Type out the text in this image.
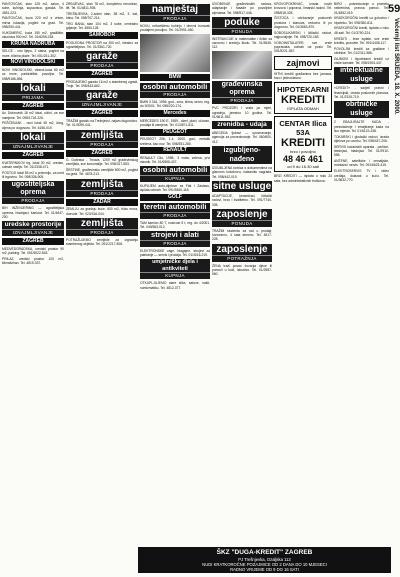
PANTOVČAK, stan 125 m2, salon, 4 sobe, kuhinja, kupaonica, garaža. Tel. 4551-223.

PANTOVČAK, kuća 220 m2 s vrtom, mirna lokacija, pogled na grad. Tel. 098/250-441.

VUKOMERIC, kuća 150 m2, gradilište, okućnica 900 m2. Tel. 01/6255-018.

KRUNA NADRUBA

SELCE - vrlo lijepo, 2 stana, pogled na more, blizina plaže. Tel. 051/241-302.

NOVI VINODOLSKI

NOVI VINODOLSKI, vikend-kuća 80 m2 uz more, parkiralište, povoljno. Tel. 098/9186-556.

lokali
PRIJAMA
ZAGREB

Av. Dubrovnik 18 m2 lokal, ulični, za sve namjene. Tel. 098/1716-226.

PEŠČENJAK - novi lokal 45 m2, izlog, cijena po dogovoru. Tel. 6156-019.

lokali
IZNAJMLJIVANJE
ZAGREB

KVATERNIKOV trg, lokal 30 m2, uredan, odmah useljiv. Tel. 01/2338-471.

POSTOJI lokal 55 m2 u prizemlju, za ured ili trgovinu. Tel. 098/336-905.

ugostiteljska oprema
PRODAJA

BIH INŽENJERING — ugostiteljska oprema, hladnjaci, šankovi. Tel. 01/4847-200.

uredske prostorije
IZNAJMLJIVANJE
ZAGREB

MEDVEDGRADSKA, uredski prostor 90 m2, parking. Tel. 091/5022-843.

PRILAZ, uredski prostor 120 m2, klimatiziran. Tel. 4819-337.

ZRINJEVAC, stan 78 m2, kompletno renoviran, lift. Tel. 01/4811-905.

TREŠNJEVKA, 2-sobni stan, 58 m2, 3. kat, hitno. Tel. 098/707-214.

TRG BANA, stan 104 m2, 3 sobe, centralno grijanje. Tel. 4550-128.

SAMOBOR

POGLEDNA PROSTOR na 200 m2, idealno za ugostiteljstvo. Tel. 01/3361-720.

garaže
PRODAJA
ZAGREB

PRODAJEMO garažu 16 m2 u stambenoj zgradi, Trnje. Tel. 098/443-662.

garaže
IZNAJMLJIVANJE
ZAGREB

TRAŽIM garažu na Trešnjevci, najam dugoročno. Tel. 01/3099-441.

zemljišta
PRODAJA
ZAGREB

G. Dubrava - Trnava, 1200 m2 građevinskog zemljišta, sve komunalije. Tel. 098/317-553.

ŠESTINE, građevinsko zemljište 800 m2, pogled na grad. Tel. 4678-213.

zemljišta
PRODAJA
ZADAR

ZEMLJU za gradnju kuće, 600 m2, blizu mora, dozvole. Tel. 023/316-044.

zemljišta
PRODAJA

POTRAŽUJEMO zemljište za izgradnju stambenog objekta. Tel. 091/2217-508.

namještaj
PRODAJA

NOVU, nekorištenu kuhinju i dnevni boravak prodajem povoljno. Tel. 01/2991-460.

BMW
osobni automobili
PRODAJA

BMW 3 316, 1996. god., crna, klima, servo, reg. do 9/2001. Tel. 098/220-174.

Mercedes

MERCEDES 190 E, 1989., dizel, plavi, očuvan, prodaja ili zamjena. Tel. 01/3871-611.

PEUGEOT

PEUGEOT 206, 1.4, 2000. god., metalik srebrna, kao nov. Tel. 098/351-280.

RENAULT

RENAULT Clio, 1998., 3 vrata, zelena, prvi vlasnik. Tel. 01/6558-407.

osobni automobili
KUPNJA

KUPUJEM auto-dijelove za Fiat i Zastavu, isplata odmah. Tel. 091/5540-118.

GOLF
teretni automobili
PRODAJA

TAM kamion 80 T, nosivost 5 t, reg. do 4/2001. Tel. 049/563-012.

strojevi i alati
PRODAJA

ELEKTRONSKE vage, blagajne, strojevi za pakiranje — servis i prodaja. Tel. 01/3016-219.

umjetničke djela i antikviteti
KUPNJA

OTKUPLJUJEMO stare slike, satove, nakit, numizmatiku. Tel. 4812-377.

IZVOĐENJE građevinskih radova, adaptacije i fasade po povoljnim cijenama. Tel. 098/917-446.

poduke
PONUDA

INSTRUKCIJE iz matematike i fizike za osnovnu i srednju školu. Tel. 01/3845-112.

građevinska oprema
PRODAJA

PVC PROZORI i vrata po mjeri, ugradnja, jamstvo 10 godina. Tel. 01/6611-952.

zrenidba - udaja

ABECEDA ljubavi — upoznavanje, agencija za posredovanje. Tel. 060/600-412.

izgubljeno-nađeno

IZGUBLJENA torbica s dokumentima na glavnom kolodvoru, nalazniku nagrada. Tel. 098/442-019.

sitne usluge

ADAPTACIJE, keramičari, ličilački radovi, brzo i kvalitetno. Tel. 091/7740-335.

zaposlenje
PONUDA

TRAŽIM studenta za rad u prodaji, honorarno, 4 sata dnevno. Tel. 4617-228.

zaposlenje
POTRAŽNJA

ŽENA traži posao čuvanja djece ili pomoći u kući, iskustvo. Tel. 01/2987-560.

KROVOPOKRIVAČ, izrada novih krovova i popravci, limarski radovi. Tel. 098/618-325.

ČISTOĆA i održavanje poslovnih prostora i stanova, redovno ili po dogovoru. Tel. 01/3663-870.

SOBOSLIKARSKI i ličilački radovi, najpovoljnije. Tel. 098/720-183.

VODOINSTALATER, sve vrste popravaka, odmah na poziv. Tel. 091/5221-067.

zajmovi

HITNI krediti građanima bez jamaca, brzo i jednostavno.

HIPOTEKARNI
KREDITI
ISPLATA ODMAH
CENTAR Ilica 53A
KREDITI
brzo i povoljno
48 46 461
od 9 do 16.30 sati

BRZI KREDITI — isplata u roku 24 sata, bez administrativnih troškova.

BIRO - posredovanje u prometu nekretnina, pravna pomoć. Tel. 01/4552-019.

KRATKOROČNI krediti uz gotovinu i hipoteku. Tel. 098/350-811.

KRATKOROČNI kredit, isplata u roku 48 sati. Tel. 01/3790-224.

KREDITI - brze isplate, sve vrste kredita, pozovite. Tel. 091/4408-117.

POVOLJNI krediti za građane i obrtnike. Tel. 01/2311-986.

ZAJMOVI i hipotekarni krediti uz niske kamate. Tel. 098/1903-447.

intelektualne usluge

«CREDIT» - savjeti pravni i financijski, izrada poslovnih planova. Tel. 01/2315-719.

obrtničke usluge

2 EBAJLIRAJTE KADA - presvlačenje i emajliranje kada na licu mjesta. Tel. 01/6122-438.

TOKARSKI i glodački radovi, izrada dijelova po uzorku. Tel. 098/447-206.

SERVIS kućanskih aparata - perilice, štednjaci, hladnjaci. Tel. 01/2910-556.

ANTENE, satelitske i zemaljske, montaža i servis. Tel. 091/6623-415.

ELEKTROSERVIS TV i video uređaja, dolazak u kuću. Tel. 01/3632-770.

59
Večernji list SRIJEDA, 18. X. 2000.
ŠKZ "DUGA-KREDIT" ZAGREB
PJ Trešnjevka, Ozaljska 113
NUDI KRATKOROČNE POZAJMICE OD 2 DANA DO 10 MJESECI
RADNO VRIJEME OD 9 DO 16 SATI
